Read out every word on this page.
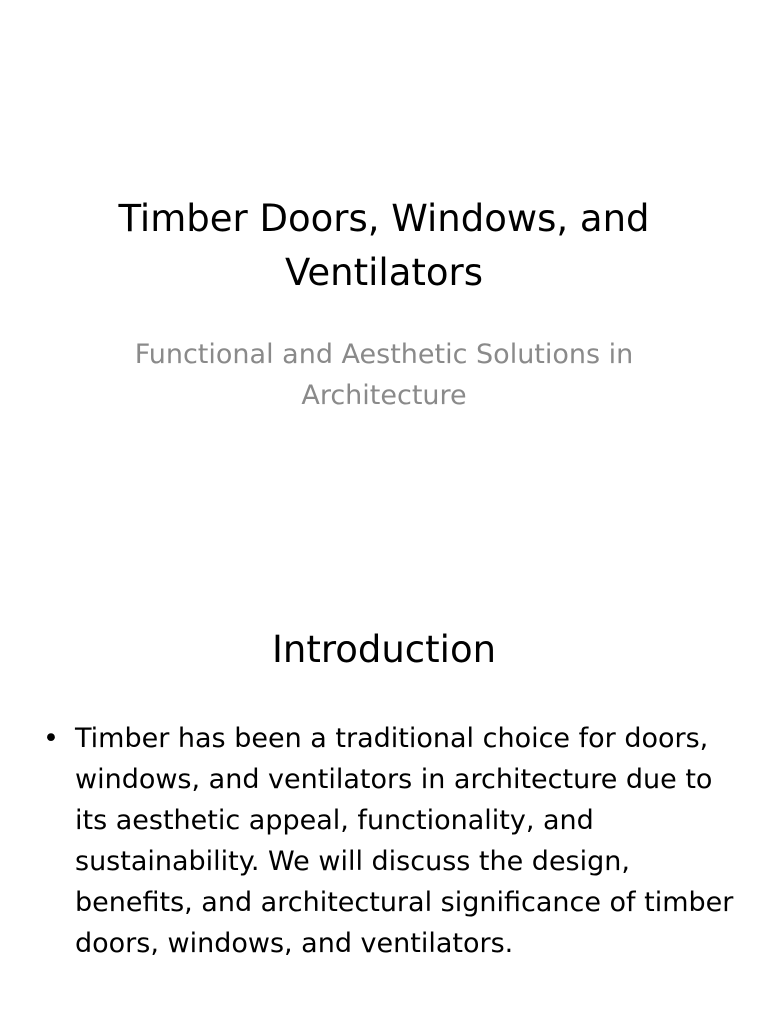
Timber Doors, Windows, and Ventilators

Functional and Aesthetic Solutions in Architecture

Introduction
• Timber has been a traditional choice for doors, windows, and ventilators in architecture due to its aesthetic appeal, functionality, and sustainability. We will discuss the design, benefits, and architectural significance of timber doors, windows, and ventilators.
